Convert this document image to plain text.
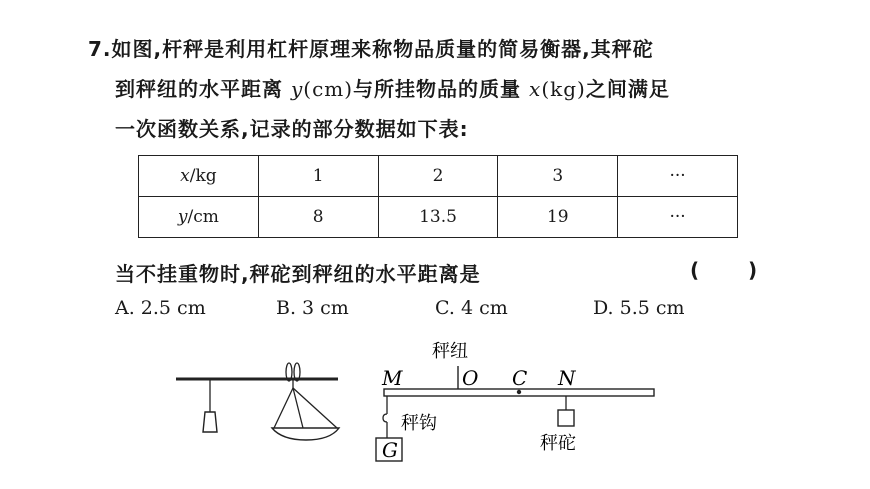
7.如图,杆秤是利用杠杆原理来称物品质量的简易衡器,其秤砣
到秤纽的水平距离 y(cm)与所挂物品的质量 x(kg)之间满足
一次函数关系,记录的部分数据如下表:
x/kg	1	2	3	···
y/cm	8	13.5	19	···
当不挂重物时,秤砣到秤纽的水平距离是	( )
A. 2.5 cm	B. 3 cm	C. 4 cm	D. 5.5 cm
M	O C N
G
秤纽
秤钩
秤砣
